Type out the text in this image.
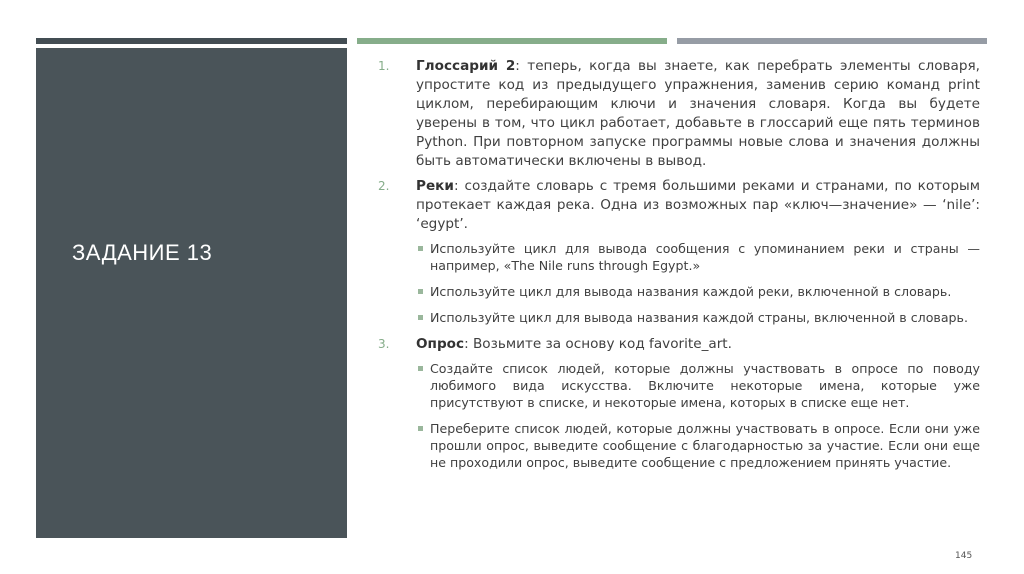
ЗАДАНИЕ 13
1. Глоссарий 2: теперь, когда вы знаете, как перебрать элементы словаря, упростите код из предыдущего упражнения, заменив серию команд print циклом, перебирающим ключи и значения словаря. Когда вы будете уверены в том, что цикл работает, добавьте в глоссарий еще пять терминов Python. При повторном запуске программы новые слова и значения должны быть автоматически включены в вывод.
2. Реки: создайте словарь с тремя большими реками и странами, по которым протекает каждая река. Одна из возможных пар «ключ—значение» — ‘nile’: ‘egypt’.
Используйте цикл для вывода сообщения с упоминанием реки и страны — например, «The Nile runs through Egypt.»
Используйте цикл для вывода названия каждой реки, включенной в словарь.
Используйте цикл для вывода названия каждой страны, включенной в словарь.
3. Опрос: Возьмите за основу код favorite_art.
Создайте список людей, которые должны участвовать в опросе по поводу любимого вида искусства. Включите некоторые имена, которые уже присутствуют в списке, и некоторые имена, которых в списке еще нет.
Переберите список людей, которые должны участвовать в опросе. Если они уже прошли опрос, выведите сообщение с благодарностью за участие. Если они еще не проходили опрос, выведите сообщение с предложением принять участие.
145
